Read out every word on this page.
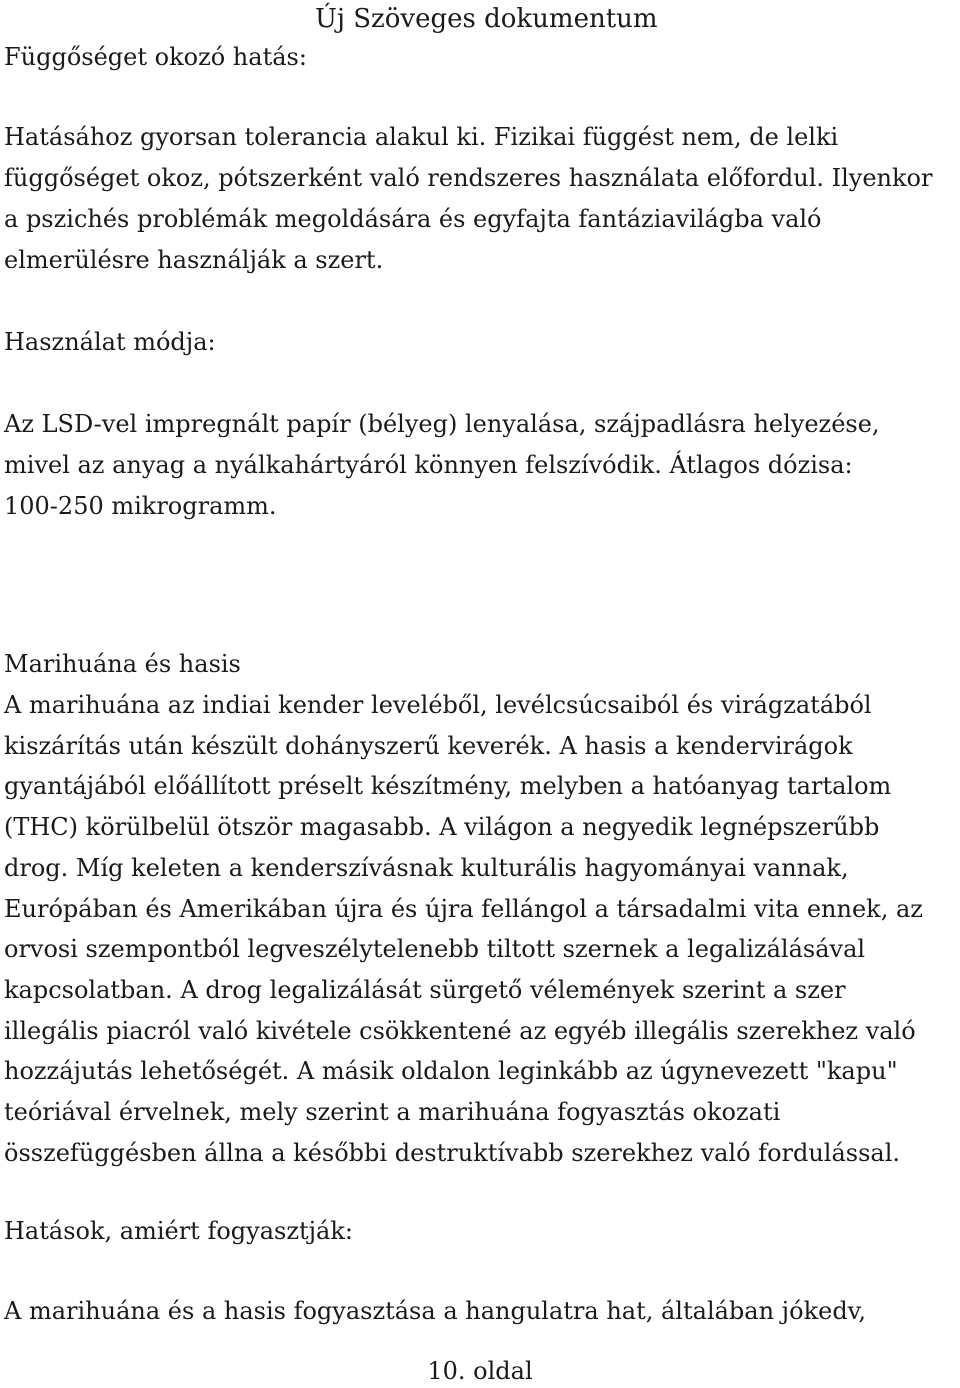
Új Szöveges dokumentum
Függőséget okozó hatás:

Hatásához gyorsan tolerancia alakul ki. Fizikai függést nem, de lelki
függőséget okoz, pótszerként való rendszeres használata előfordul. Ilyenkor
a pszichés problémák megoldására és egyfajta fantáziavilágba való
elmerülésre használják a szert.

Használat módja:

Az LSD-vel impregnált papír (bélyeg) lenyalása, szájpadlásra helyezése,
mivel az anyag a nyálkahártyáról könnyen felszívódik. Átlagos dózisa:
100-250 mikrogramm.

Marihuána és hasis

A marihuána az indiai kender leveléből, levélcsúcsaiból és virágzatából
kiszárítás után készült dohányszerű keverék. A hasis a kendervirágok
gyantájából előállított préselt készítmény, melyben a hatóanyag tartalom
(THC) körülbelül ötször magasabb. A világon a negyedik legnépszerűbb
drog. Míg keleten a kenderszívásnak kulturális hagyományai vannak,
Európában és Amerikában újra és újra fellángol a társadalmi vita ennek, az
orvosi szempontból legveszélytelenebb tiltott szernek a legalizálásával
kapcsolatban. A drog legalizálását sürgető vélemények szerint a szer
illegális piacról való kivétele csökkentené az egyéb illegális szerekhez való
hozzájutás lehetőségét. A másik oldalon leginkább az úgynevezett "kapu"
teóriával érvelnek, mely szerint a marihuána fogyasztás okozati
összefüggésben állna a későbbi destruktívabb szerekhez való fordulással.

Hatások, amiért fogyasztják:

A marihuána és a hasis fogyasztása a hangulatra hat, általában jókedv,

10. oldal
